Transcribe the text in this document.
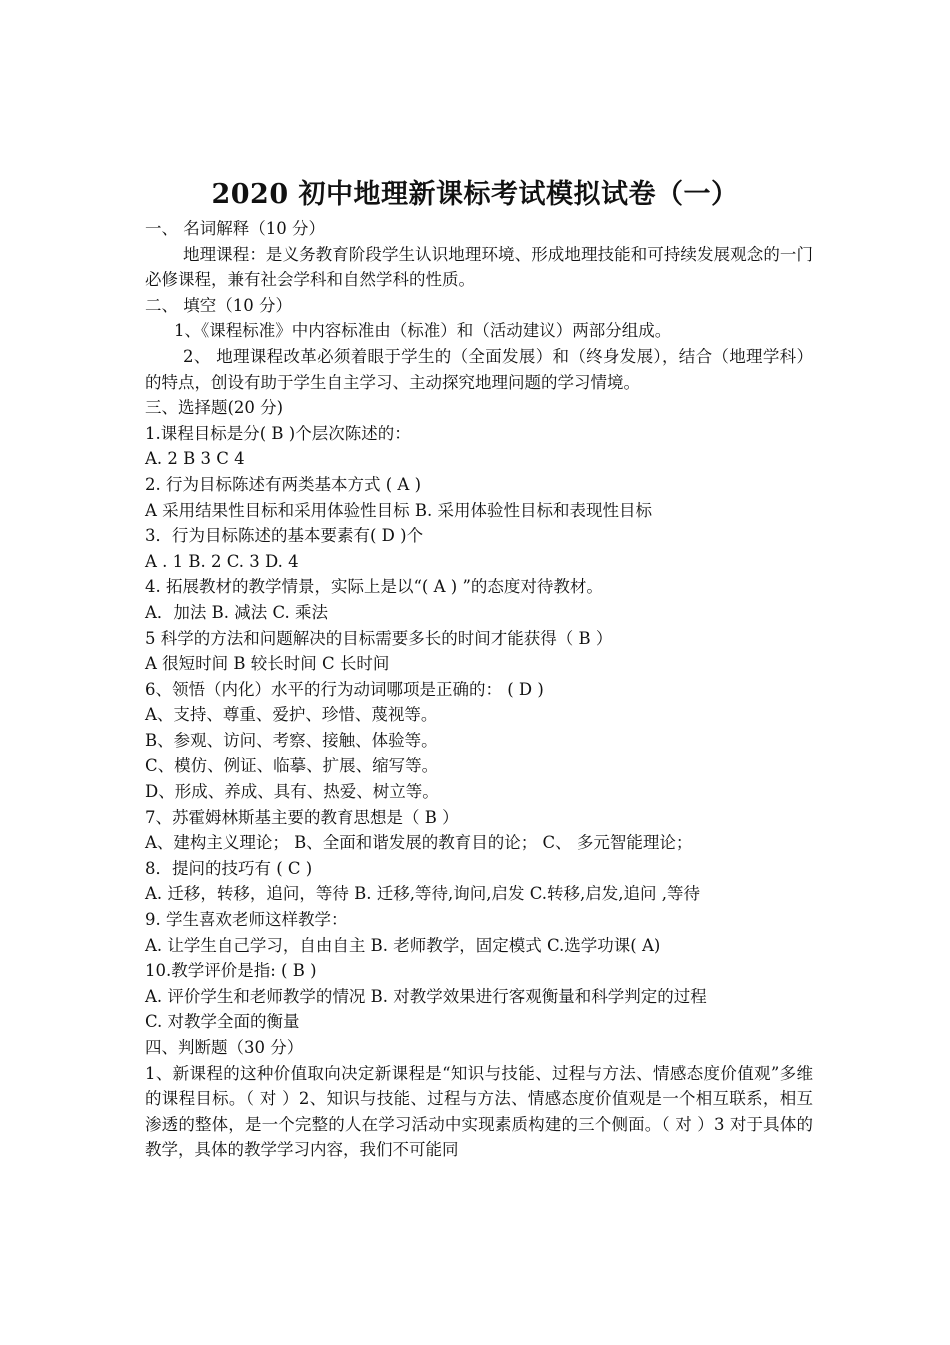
2020 初中地理新课标考试模拟试卷（一）
一、 名词解释（10 分）
地理课程：是义务教育阶段学生认识地理环境、形成地理技能和可持续发展观念的一门必修课程，兼有社会学科和自然学科的性质。
二、 填空（10 分）
1、《课程标准》中内容标准由（标准）和（活动建议）两部分组成。
2、 地理课程改革必须着眼于学生的（全面发展）和（终身发展），结合（地理学科）的特点，创设有助于学生自主学习、主动探究地理问题的学习情境。
三、选择题(20 分)
1.课程目标是分( B )个层次陈述的：
A. 2 B 3 C 4
2. 行为目标陈述有两类基本方式 ( A )
A 采用结果性目标和采用体验性目标 B. 采用体验性目标和表现性目标
3．行为目标陈述的基本要素有( D )个
A . 1 B. 2 C. 3 D. 4
4. 拓展教材的教学情景，实际上是以“( A ) ”的态度对待教材。
A．加法 B. 减法 C. 乘法
5 科学的方法和问题解决的目标需要多长的时间才能获得（ B ）
A 很短时间 B 较长时间 C 长时间
6、领悟（内化）水平的行为动词哪项是正确的： ( D )
A、支持、尊重、爱护、珍惜、蔑视等。
B、参观、访问、考察、接触、体验等。
C、模仿、例证、临摹、扩展、缩写等。
D、形成、养成、具有、热爱、树立等。
7、苏霍姆林斯基主要的教育思想是（ B ）
A、建构主义理论； B、全面和谐发展的教育目的论； C、 多元智能理论；
8．提问的技巧有 ( C )
A. 迁移，转移，追问，等待 B. 迁移,等待,询问,启发 C.转移,启发,追问 ,等待
9. 学生喜欢老师这样教学：
A. 让学生自己学习，自由自主 B. 老师教学，固定模式 C.选学功课( A)
10.教学评价是指: ( B )
A. 评价学生和老师教学的情况 B. 对教学效果进行客观衡量和科学判定的过程
C. 对教学全面的衡量
四、判断题（30 分）
1、新课程的这种价值取向决定新课程是“知识与技能、过程与方法、情感态度价值观”多维的课程目标。（ 对 ）2、知识与技能、过程与方法、情感态度价值观是一个相互联系，相互渗透的整体，是一个完整的人在学习活动中实现素质构建的三个侧面。（ 对 ）3 对于具体的教学，具体的教学学习内容，我们不可能同
